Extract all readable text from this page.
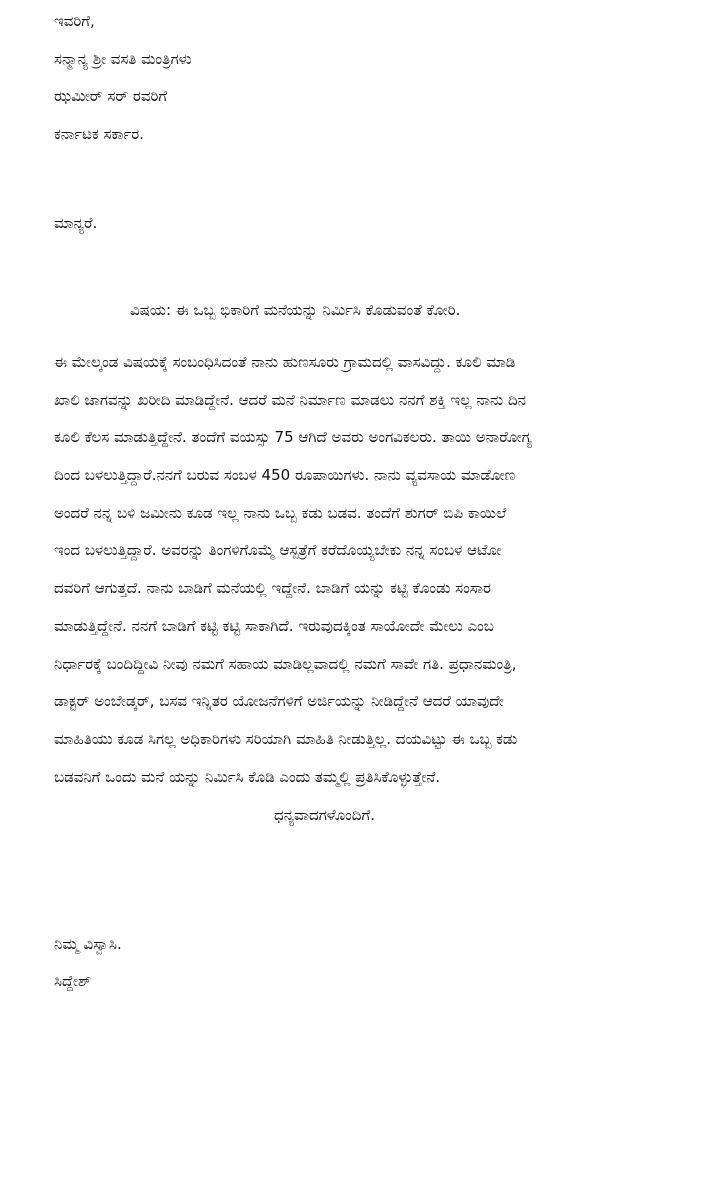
ಇವರಿಗೆ,
ಸನ್ಮಾನ್ಯ ಶ್ರೀ ವಸತಿ ಮಂತ್ರಿಗಳು
ಝಮೀರ್ ಸರ್ ರವರಿಗೆ
ಕರ್ನಾಟಕ ಸರ್ಕಾರ.
ಮಾನ್ಯರೆ.
ವಿಷಯ: ಈ ಒಬ್ಬ ಭಿಕಾರಿಗೆ ಮನೆಯನ್ನು ನಿರ್ಮಿಸಿ ಕೊಡುವಂತೆ ಕೋರಿ.
ಈ ಮೇಲ್ಕಂಡ ವಿಷಯಕ್ಕೆ ಸಂಬಂಧಿಸಿದಂತೆ ನಾನು ಹುಣಸೂರು ಗ್ರಾಮದಲ್ಲಿ ವಾಸವಿದ್ದು. ಕೂಲಿ ಮಾಡಿ
ಖಾಲಿ ಜಾಗವನ್ನು ಖರೀದಿ ಮಾಡಿದ್ದೇನೆ. ಆದರೆ ಮನೆ ನಿರ್ಮಾಣ ಮಾಡಲು ನನಗೆ ಶಕ್ತಿ ಇಲ್ಲ ನಾನು ದಿನ
ಕೂಲಿ ಕೆಲಸ ಮಾಡುತ್ತಿದ್ದೇನೆ. ತಂದೆಗೆ ವಯಸ್ಸು 75 ಆಗಿದೆ ಅವರು ಅಂಗವಿಕಲರು. ತಾಯಿ ಅನಾರೋಗ್ಯ
ದಿಂದ ಬಳಲುತ್ತಿದ್ದಾರೆ.ನನಗೆ ಬರುವ ಸಂಬಳ 450 ರೂಪಾಯಿಗಳು. ನಾನು ವ್ಯವಸಾಯ ಮಾಡೋಣ
ಅಂದರೆ ನನ್ನ ಬಳಿ ಜಮೀನು ಕೂಡ ಇಲ್ಲ ನಾನು ಒಬ್ಬ ಕಡು ಬಡವ. ತಂದೆಗೆ ಶುಗರ್ ಬಿಪಿ ಕಾಯಿಲೆ
ಇಂದ ಬಳಲುತ್ತಿದ್ದಾರೆ. ಅವರನ್ನು ತಿಂಗಳಿಗೊಮ್ಮೆ ಆಸ್ಪತ್ರೆಗೆ ಕರೆದೊಯ್ಯಬೇಕು ನನ್ನ ಸಂಬಳ ಆಟೋ
ದವರಿಗೆ ಆಗುತ್ತದೆ. ನಾನು ಬಾಡಿಗೆ ಮನೆಯಲ್ಲಿ ಇದ್ದೇನೆ. ಬಾಡಿಗೆ ಯನ್ನು ಕಟ್ಟಿ ಕೊಂಡು ಸಂಸಾರ
ಮಾಡುತ್ತಿದ್ದೇನೆ. ನನಗೆ ಬಾಡಿಗೆ ಕಟ್ಟಿ ಕಟ್ಟಿ ಸಾಕಾಗಿದೆ. ಇರುವುದಕ್ಕಿಂತ ಸಾಯೋದೇ ಮೇಲು ಎಂಬ
ನಿರ್ಧಾರಕ್ಕೆ ಬಂದಿದ್ದೀವಿ ನೀವು ನಮಗೆ ಸಹಾಯ ಮಾಡಿಲ್ಲವಾದಲ್ಲಿ ನಮಗೆ ಸಾವೇ ಗತಿ. ಪ್ರಧಾನಮಂತ್ರಿ,
ಡಾಕ್ಟರ್ ಅಂಬೇಡ್ಕರ್, ಬಸವ ಇನ್ನಿತರ ಯೋಜನೆಗಳಿಗೆ ಅರ್ಜಿಯನ್ನು ನೀಡಿದ್ದೇನೆ ಆದರೆ ಯಾವುದೇ
ಮಾಹಿತಿಯು ಕೂಡ ಸಿಗಲ್ಲ ಅಧಿಕಾರಿಗಳು ಸರಿಯಾಗಿ ಮಾಹಿತಿ ನೀಡುತ್ತಿಲ್ಲ. ದಯವಿಟ್ಟು ಈ ಒಬ್ಬ ಕಡು
ಬಡವನಿಗೆ ಒಂದು ಮನೆ ಯನ್ನು ನಿರ್ಮಿಸಿ ಕೊಡಿ ಎಂದು ತಮ್ಮಲ್ಲಿ ಪ್ರತಿಸಿಕೊಳ್ಳುತ್ತೇನೆ.
ಧನ್ಯವಾದಗಳೊಂದಿಗೆ.
ನಿಮ್ಮ ವಿಸ್ವಾಸಿ.
ಸಿದ್ದೇಶ್
